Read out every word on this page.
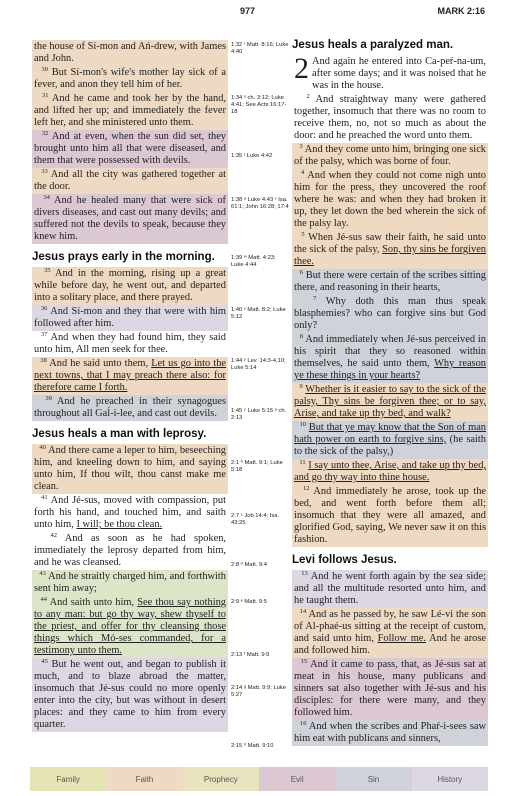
977	MARK 2:16

the house of Sí-mon and Ań-drew, with James and John.

$^{30}$ But Sí-mon's wife's mother lay sick of a fever, and anon they tell him of her.

$^{31}$ And he came and took her by the hand, and lifted her up; and immediately the fever left her, and she ministered unto them.

$^{32}$ And at even, when the sun did set, they brought unto him all that were diseased, and them that were possessed with devils.

$^{33}$ And all the city was gathered together at the door.

$^{34}$ And he healed many that were sick of divers diseases, and cast out many devils; and suffered not the devils to speak, because they knew him.

Jesus prays early in the morning.

$^{35}$ And in the morning, rising up a great while before day, he went out, and departed into a solitary place, and there prayed.

$^{36}$ And Sí-mon and they that were with him followed after him.

$^{37}$ And when they had found him, they said unto him, All men seek for thee.

$^{38}$ And he said unto them, Let us go into the next towns, that I may preach there also: for therefore came I forth.

$^{39}$ And he preached in their synagogues throughout all Gaĺ-i-lee, and cast out devils.

Jesus heals a man with leprosy.

$^{40}$ And there came a leper to him, beseeching him, and kneeling down to him, and saying unto him, If thou wilt, thou canst make me clean.

$^{41}$ And Jé-sus, moved with compassion, put forth his hand, and touched him, and saith unto him, I will; be thou clean.

$^{42}$ And as soon as he had spoken, immediately the leprosy departed from him, and he was cleansed.

$^{43}$ And he straitly charged him, and forthwith sent him away;

$^{44}$ And saith unto him, See thou say nothing to any man: but go thy way, shew thyself to the priest, and offer for thy cleansing those things which Mó-ses commanded, for a testimony unto them.

$^{45}$ But he went out, and began to publish it much, and to blaze abroad the matter, insomuch that Jé-sus could no more openly enter into the city, but was without in desert places: and they came to him from every quarter.

1:32 ʳ Matt. 8:16; Luke 4:40
1:34 ˢ ch. 3:12; Luke 4:41; See Acts 16:17-18
1:35 ᵗ Luke 4:42
1:38 ᵘ Luke 4:43 ᵛ Isa. 61:1; John 16:28; 17:4
1:39 ʷ Matt. 4:23; Luke 4:44
1:40 ˣ Matt. 8:2; Luke 5:12
1:44 ʸ Lev. 14:3-4,10; Luke 5:14
1:45 ᶻ Luke 5:15 ᵃ ch. 2:13
2:1 ᵇ Matt. 9:1; Luke 5:18
2:7 ᶜ Job 14:4; Isa. 43:25
2:8 ᵈ Matt. 9:4
2:9 ᵉ Matt. 9:5
2:13 ᶠ Matt. 9:9
2:14 ᵍ Matt. 9:9; Luke 5:27
2:15 ʰ Matt. 9:10
Jesus heals a paralyzed man.

2 And again he entered into Ca-peŕ-na-um, after some days; and it was noised that he was in the house.

$^2$ And straightway many were gathered together, insomuch that there was no room to receive them, no, not so much as about the door: and he preached the word unto them.

$^3$ And they come unto him, bringing one sick of the palsy, which was borne of four.

$^4$ And when they could not come nigh unto him for the press, they uncovered the roof where he was: and when they had broken it up, they let down the bed wherein the sick of the palsy lay.

$^5$ When Jé-sus saw their faith, he said unto the sick of the palsy, Son, thy sins be forgiven thee.

$^6$ But there were certain of the scribes sitting there, and reasoning in their hearts,

$^7$ Why doth this man thus speak blasphemies? who can forgive sins but God only?

$^8$ And immediately when Jé-sus perceived in his spirit that they so reasoned within themselves, he said unto them, Why reason ye these things in your hearts?

$^9$ Whether is it easier to say to the sick of the palsy, Thy sins be forgiven thee; or to say, Arise, and take up thy bed, and walk?

$^{10}$ But that ye may know that the Son of man hath power on earth to forgive sins, (he saith to the sick of the palsy,)

$^{11}$ I say unto thee, Arise, and take up thy bed, and go thy way into thine house.

$^{12}$ And immediately he arose, took up the bed, and went forth before them all; insomuch that they were all amazed, and glorified God, saying, We never saw it on this fashion.

Levi follows Jesus.

$^{13}$ And he went forth again by the sea side; and all the multitude resorted unto him, and he taught them.

$^{14}$ And as he passed by, he saw Lé-vi the son of Al-phaé-us sitting at the receipt of custom, and said unto him, Follow me. And he arose and followed him.

$^{15}$ And it came to pass, that, as Jé-sus sat at meat in his house, many publicans and sinners sat also together with Jé-sus and his disciples: for there were many, and they followed him.

$^{16}$ And when the scribes and Phaŕ-i-sees saw him eat with publicans and sinners,

Family	Faith	Prophecy	Evil	Sin	History
